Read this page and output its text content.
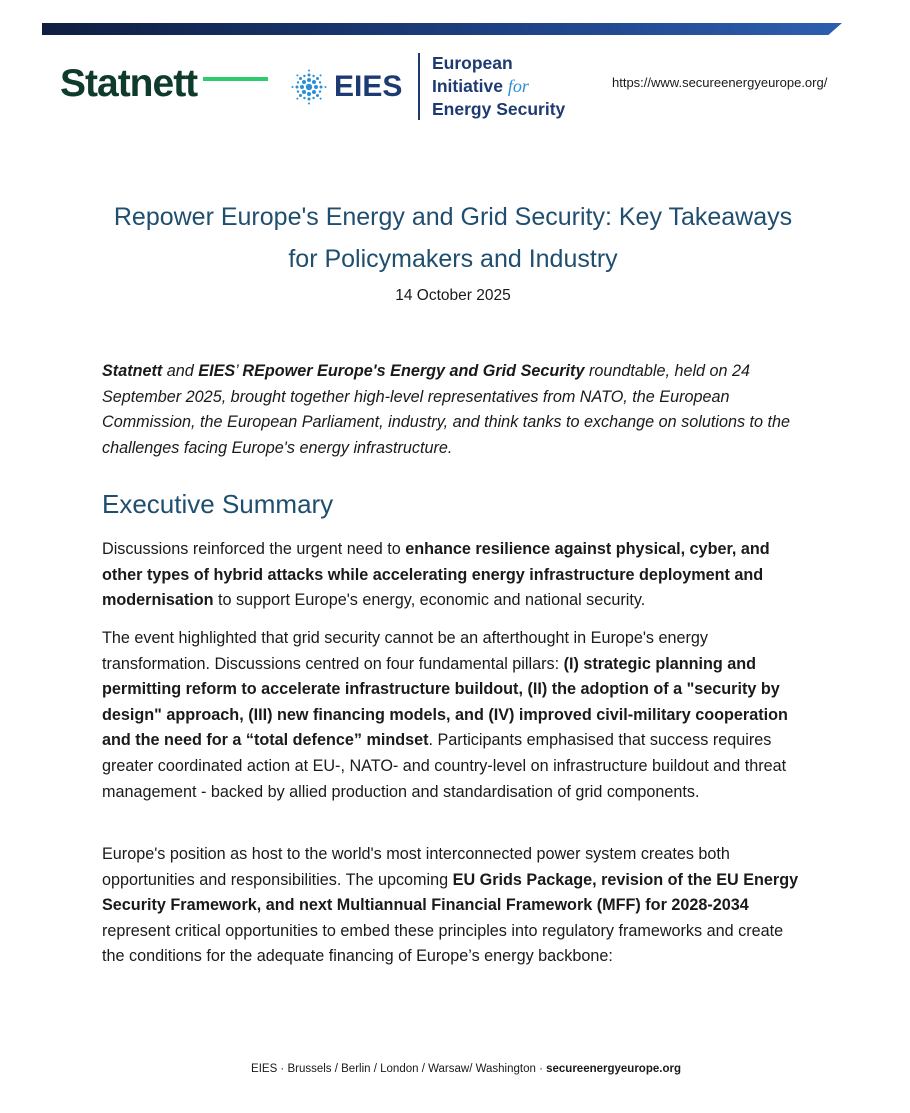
Statnett	EIES
European
Initiative for
Energy Security
https://www.secureenergyeurope.org/
Repower Europe's Energy and Grid Security: Key Takeaways for Policymakers and Industry
14 October 2025

Statnett and EIES’ REpower Europe's Energy and Grid Security roundtable, held on 24 September 2025, brought together high-level representatives from NATO, the European Commission, the European Parliament, industry, and think tanks to exchange on solutions to the challenges facing Europe's energy infrastructure.

Executive Summary

Discussions reinforced the urgent need to enhance resilience against physical, cyber, and other types of hybrid attacks while accelerating energy infrastructure deployment and modernisation to support Europe's energy, economic and national security.

The event highlighted that grid security cannot be an afterthought in Europe's energy transformation. Discussions centred on four fundamental pillars: (I) strategic planning and permitting reform to accelerate infrastructure buildout, (II) the adoption of a "security by design" approach, (III) new financing models, and (IV) improved civil-military cooperation and the need for a “total defence” mindset. Participants emphasised that success requires greater coordinated action at EU-, NATO- and country-level on infrastructure buildout and threat management - backed by allied production and standardisation of grid components.

Europe's position as host to the world's most interconnected power system creates both opportunities and responsibilities. The upcoming EU Grids Package, revision of the EU Energy Security Framework, and next Multiannual Financial Framework (MFF) for 2028-2034 represent critical opportunities to embed these principles into regulatory frameworks and create the conditions for the adequate financing of Europe’s energy backbone:

EIES · Brussels / Berlin / London / Warsaw/ Washington · secureenergyeurope.org
